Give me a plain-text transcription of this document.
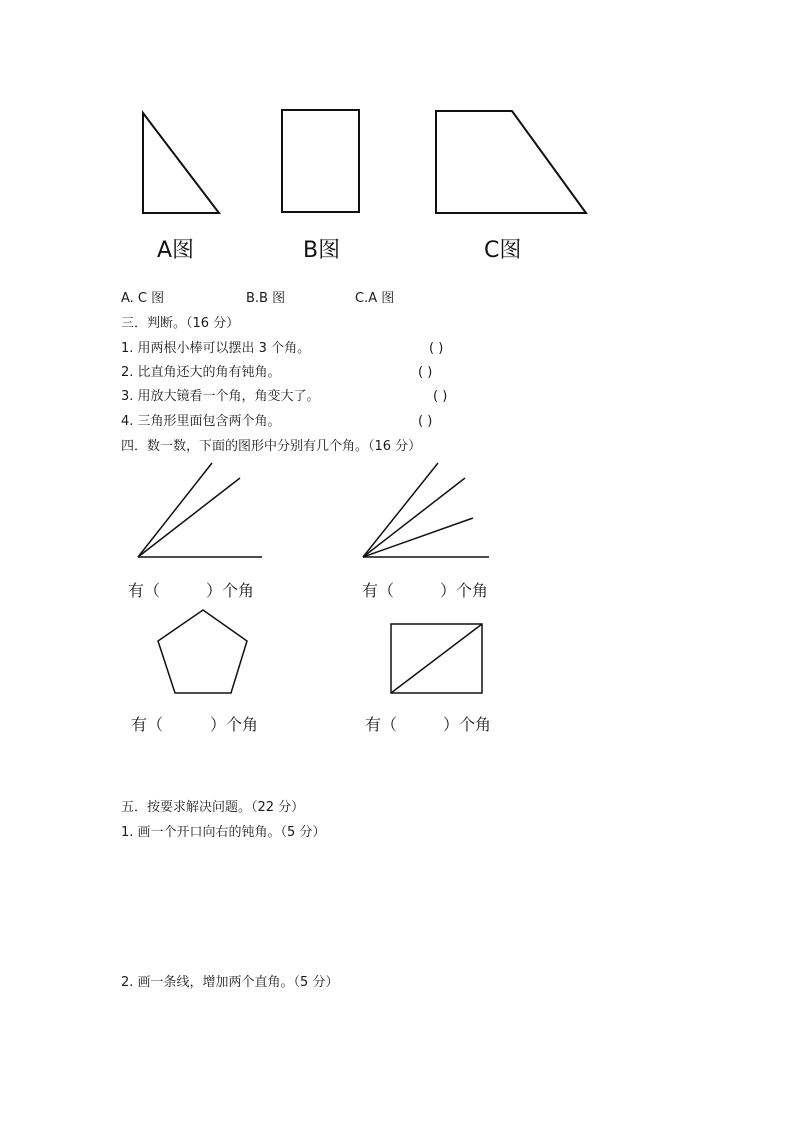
A图	B图	C图
A. C 图	B.B 图	C.A 图
三．判断。（16 分）
1. 用两根小棒可以摆出 3 个角。	( )
2. 比直角还大的角有钝角。	( )
3. 用放大镜看一个角，角变大了。	( )
4. 三角形里面包含两个角。	( )
四．数一数，下面的图形中分别有几个角。（16 分）
有（	）个角	有（	）个角
有（	）个角	有（	）个角
五．按要求解决问题。（22 分）
1. 画一个开口向右的钝角。（5 分）
2. 画一条线，增加两个直角。（5 分）
